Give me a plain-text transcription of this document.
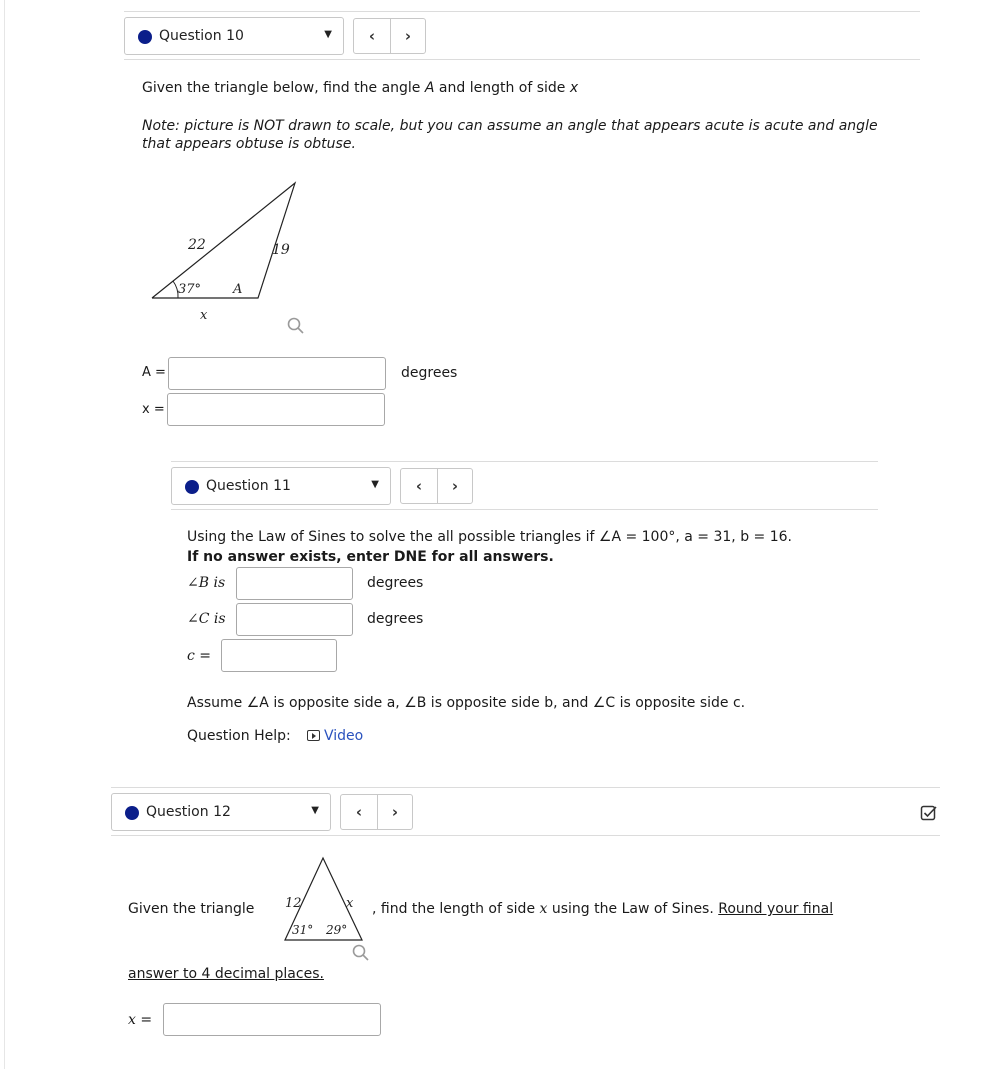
Question 10	▼	‹	›
Given the triangle below, find the angle A and length of side x
Note: picture is NOT drawn to scale, but you can assume an angle that appears acute is acute and angle
that appears obtuse is obtuse.
22	19
37° A
x
A =	degrees
x =
Question 11	▼	‹	›
Using the Law of Sines to solve the all possible triangles if ∠A = 100°, a = 31, b = 16.
If no answer exists, enter DNE for all answers.
∠B is	degrees
∠C is	degrees
c =
Assume ∠A is opposite side a, ∠B is opposite side b, and ∠C is opposite side c.
Question Help:	Video
Question 12	▼	‹	›
Given the triangle 12	x
31° 29°
, find the length of side x using the Law of Sines. Round your final
answer to 4 decimal places.
x =
